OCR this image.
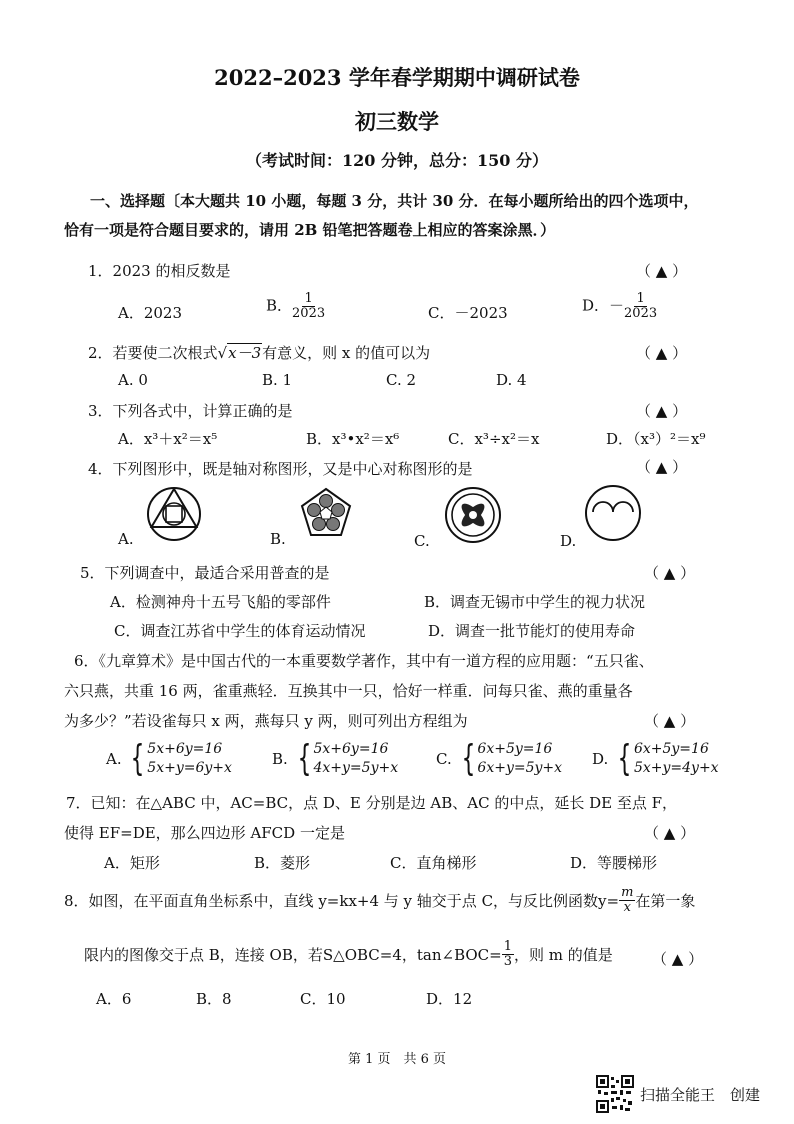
2022–2023 学年春学期期中调研试卷
初三数学
（考试时间：120 分钟，总分：150 分）
一、选择题〔本大题共 10 小题，每题 3 分，共计 30 分．在每小题所给出的四个选项中，
恰有一项是符合题目要求的，请用 2B 铅笔把答题卷上相应的答案涂黑．）
1．2023 的相反数是	（ ▲ ）
A．2023	B． $\frac{1}{2023}$	C．－2023	D．－ $\frac{1}{2023}$
2．若要使二次根式√x－3有意义，则 x 的值可以为	（ ▲ ）
A. 0	B. 1	C. 2	D. 4
3．下列各式中，计算正确的是	（ ▲ ）
A．x³＋x²＝x⁵	B．x³•x²＝x⁶	C．x³÷x²＝x	D．（x³）²＝x⁹
4．下列图形中，既是轴对称图形，又是中心对称图形的是	（ ▲ ）
A.	B.	C.	D.
5．下列调查中，最适合采用普查的是	（ ▲ ）
A．检测神舟十五号飞船的零部件	B．调查无锡市中学生的视力状况
C．调查江苏省中学生的体育运动情况	D．调查一批节能灯的使用寿命
6．《九章算术》是中国古代的一本重要数学著作，其中有一道方程的应用题：“五只雀、
六只燕，共重 16 两，雀重燕轻．互换其中一只，恰好一样重．问每只雀、燕的重量各
为多少？”若设雀每只 x 两，燕每只 y 两，则可列出方程组为	（ ▲ ）
A. { 5x+6y=16
5x+y=6y+x	B. { 5x+6y=16
4x+y=5y+x	C. { 6x+5y=16
6x+y=5y+x D. { 6x+5y=16
5x+y=4y+x
7．已知：在△ABC 中，AC=BC，点 D、E 分别是边 AB、AC 的中点，延长 DE 至点 F，
使得 EF=DE，那么四边形 AFCD 一定是	（ ▲ ）
A．矩形	B．菱形	C．直角梯形	D．等腰梯形
8．如图，在平面直角坐标系中，直线 y=kx+4 与 y 轴交于点 C，与反比例函数$y= \frac{m}{x}$ 在第一象
限内的图像交于点 B，连接 OB，若S△OBC=4，tan∠BOC= $\frac{1}{3}$ ，则 m 的值是	（ ▲ ）
A．6	B．8	C．10	D．12
第 1 页　共 6 页
扫描全能王　创建
